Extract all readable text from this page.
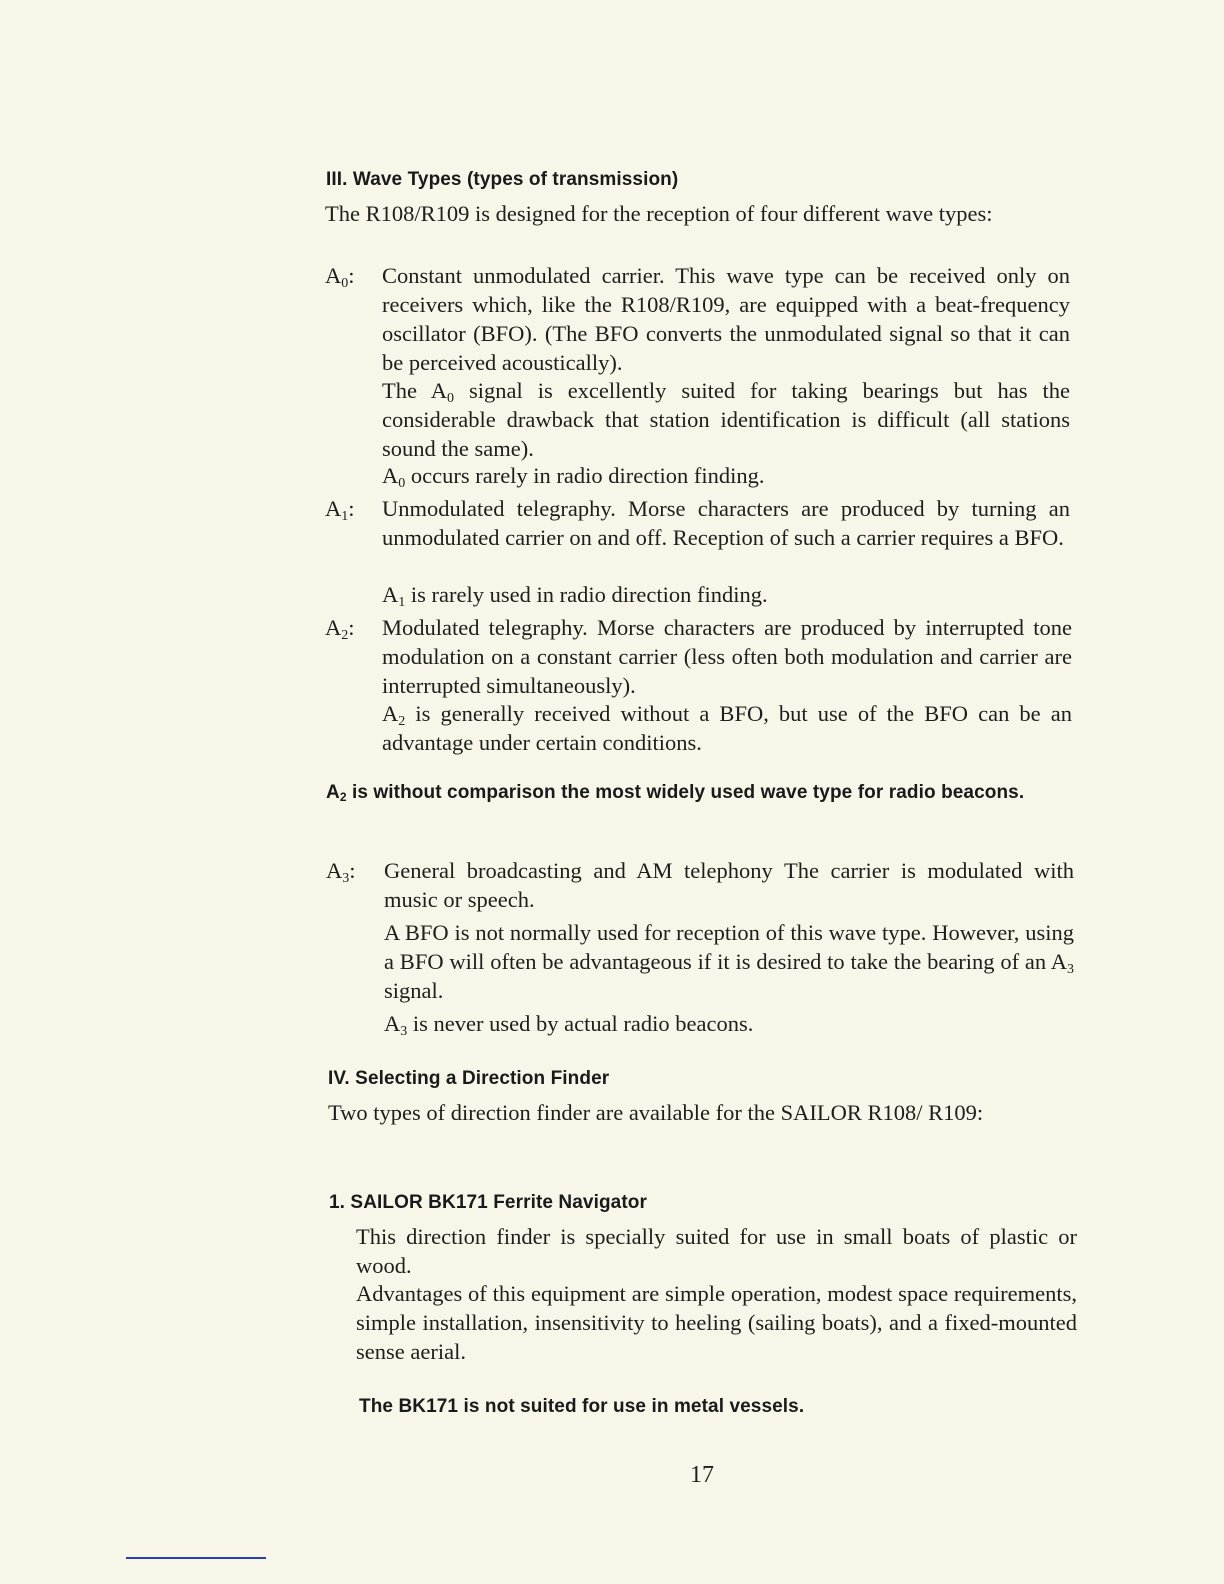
III. Wave Types (types of transmission)

The R108/R109 is designed for the reception of four different wave types:

$A_0$: Constant unmodulated carrier. This wave type can be received only on receivers which, like the R108/R109, are equipped with a beat-frequency oscillator (BFO). (The BFO converts the unmodulated signal so that it can be perceived acoustically).

The $A_0$ signal is excellently suited for taking bearings but has the considerable drawback that station identification is difficult (all stations sound the same).

$A_0$ occurs rarely in radio direction finding.

$A_1$: Unmodulated telegraphy. Morse characters are produced by turning an unmodulated carrier on and off. Reception of such a carrier requires a BFO.

$A_1$ is rarely used in radio direction finding.

$A_2$: Modulated telegraphy. Morse characters are produced by interrupted tone modulation on a constant carrier (less often both modulation and carrier are interrupted simultaneously).

$A_2$ is generally received without a BFO, but use of the BFO can be an advantage under certain conditions.

$A_2$ is without comparison the most widely used wave type for radio beacons.

$A_3$: General broadcasting and AM telephony The carrier is modulated with music or speech.

A BFO is not normally used for reception of this wave type. However, using a BFO will often be advantageous if it is desired to take the bearing of an $A_3$ signal.

$A_3$ is never used by actual radio beacons.

IV. Selecting a Direction Finder

Two types of direction finder are available for the SAILOR R108/ R109:

1. SAILOR BK171 Ferrite Navigator

This direction finder is specially suited for use in small boats of plastic or wood.

Advantages of this equipment are simple operation, modest space requirements, simple installation, insensitivity to heeling (sailing boats), and a fixed-mounted sense aerial.

The BK171 is not suited for use in metal vessels.
17
